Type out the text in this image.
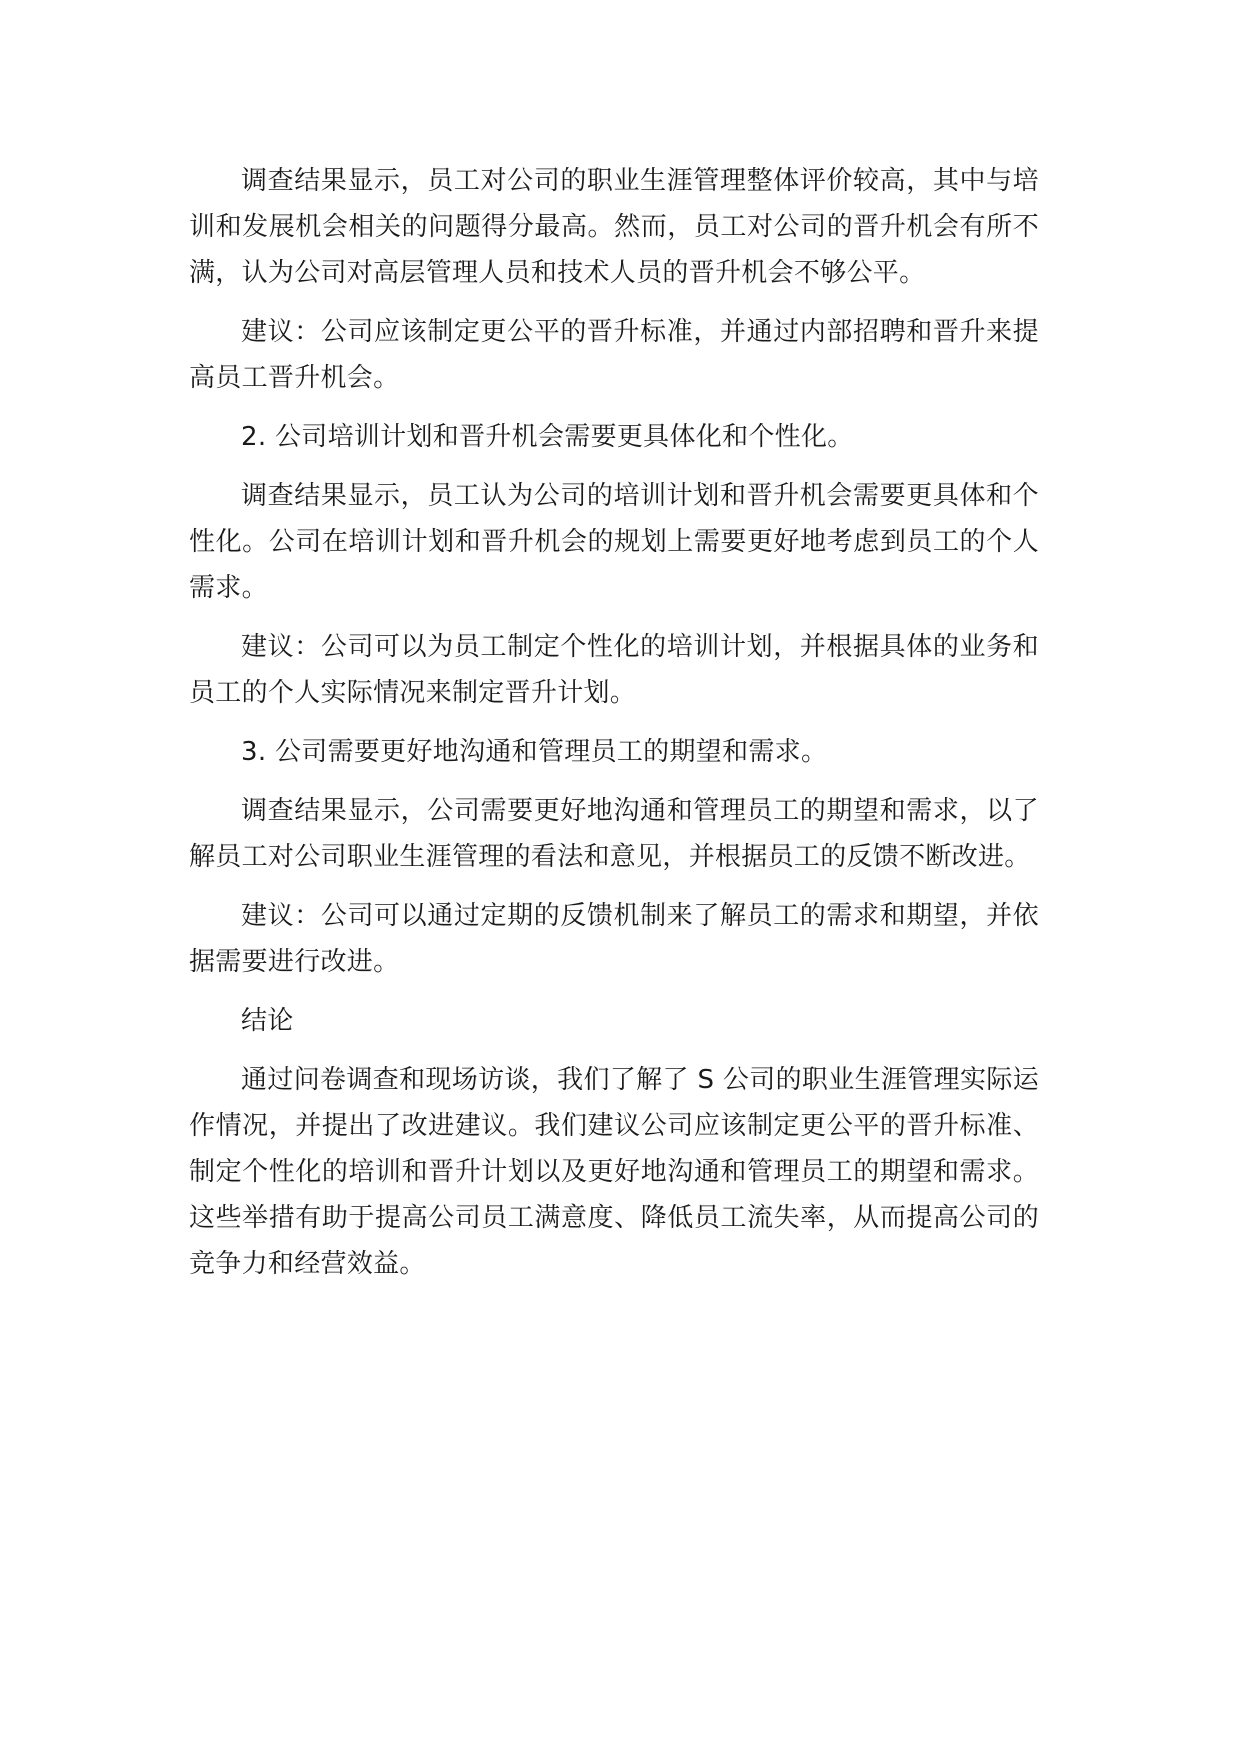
调查结果显示，员工对公司的职业生涯管理整体评价较高，其中与培训和发展机会相关的问题得分最高。然而，员工对公司的晋升机会有所不满，认为公司对高层管理人员和技术人员的晋升机会不够公平。

建议：公司应该制定更公平的晋升标准，并通过内部招聘和晋升来提高员工晋升机会。

2. 公司培训计划和晋升机会需要更具体化和个性化。

调查结果显示，员工认为公司的培训计划和晋升机会需要更具体和个性化。公司在培训计划和晋升机会的规划上需要更好地考虑到员工的个人需求。

建议：公司可以为员工制定个性化的培训计划，并根据具体的业务和员工的个人实际情况来制定晋升计划。

3. 公司需要更好地沟通和管理员工的期望和需求。

调查结果显示，公司需要更好地沟通和管理员工的期望和需求，以了解员工对公司职业生涯管理的看法和意见，并根据员工的反馈不断改进。

建议：公司可以通过定期的反馈机制来了解员工的需求和期望，并依据需要进行改进。

结论

通过问卷调查和现场访谈，我们了解了 S 公司的职业生涯管理实际运作情况，并提出了改进建议。我们建议公司应该制定更公平的晋升标准、制定个性化的培训和晋升计划以及更好地沟通和管理员工的期望和需求。这些举措有助于提高公司员工满意度、降低员工流失率，从而提高公司的竞争力和经营效益。
